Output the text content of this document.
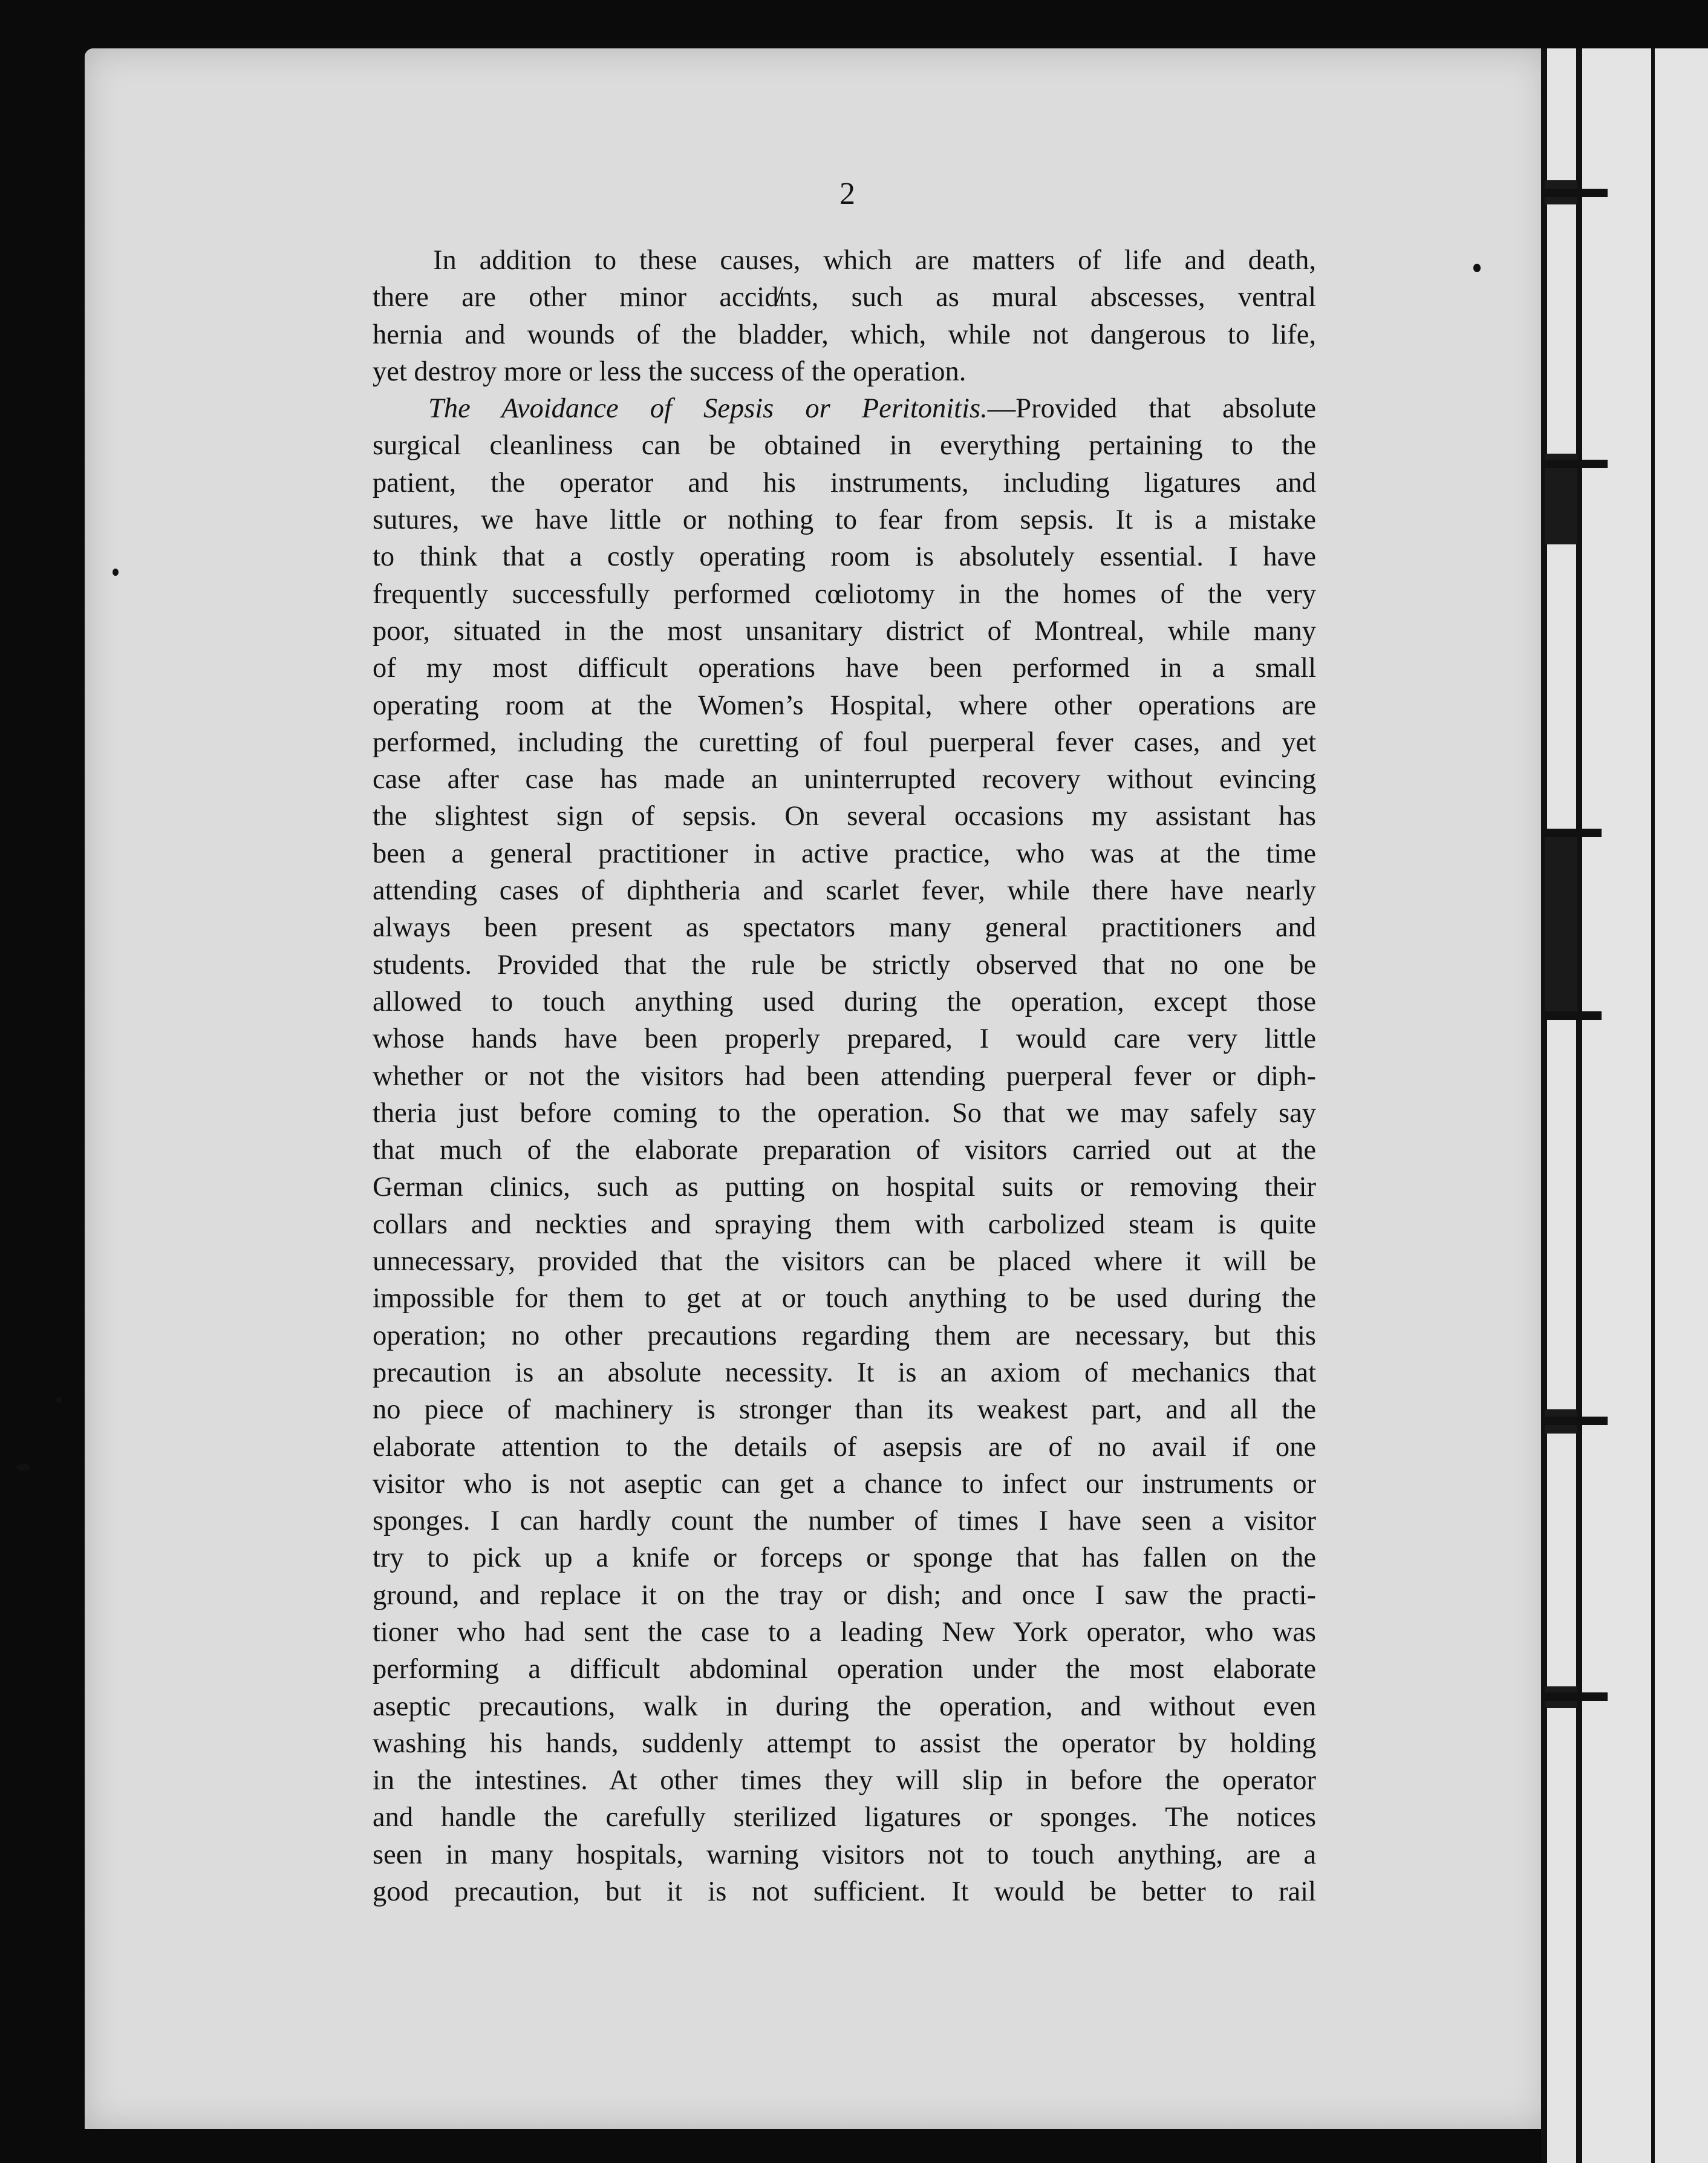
2
In addition to these causes, which are matters of life and death,
there are other minor accid̸nts, such as mural abscesses, ventral
hernia and wounds of the bladder, which, while not dangerous to life,
yet destroy more or less the success of the operation.
The Avoidance of Sepsis or Peritonitis.—Provided that absolute
surgical cleanliness can be obtained in everything pertaining to the
patient, the operator and his instruments, including ligatures and
sutures, we have little or nothing to fear from sepsis. It is a mistake
to think that a costly operating room is absolutely essential. I have
frequently successfully performed cœliotomy in the homes of the very
poor, situated in the most unsanitary district of Montreal, while many
of my most difficult operations have been performed in a small
operating room at the Women’s Hospital, where other operations are
performed, including the curetting of foul puerperal fever cases, and yet
case after case has made an uninterrupted recovery without evincing
the slightest sign of sepsis. On several occasions my assistant has
been a general practitioner in active practice, who was at the time
attending cases of diphtheria and scarlet fever, while there have nearly
always been present as spectators many general practitioners and
students. Provided that the rule be strictly observed that no one be
allowed to touch anything used during the operation, except those
whose hands have been properly prepared, I would care very little
whether or not the visitors had been attending puerperal fever or diph-
theria just before coming to the operation. So that we may safely say
that much of the elaborate preparation of visitors carried out at the
German clinics, such as putting on hospital suits or removing their
collars and neckties and spraying them with carbolized steam is quite
unnecessary, provided that the visitors can be placed where it will be
impossible for them to get at or touch anything to be used during the
operation; no other precautions regarding them are necessary, but this
precaution is an absolute necessity. It is an axiom of mechanics that
no piece of machinery is stronger than its weakest part, and all the
elaborate attention to the details of asepsis are of no avail if one
visitor who is not aseptic can get a chance to infect our instruments or
sponges. I can hardly count the number of times I have seen a visitor
try to pick up a knife or forceps or sponge that has fallen on the
ground, and replace it on the tray or dish; and once I saw the practi-
tioner who had sent the case to a leading New York operator, who was
performing a difficult abdominal operation under the most elaborate
aseptic precautions, walk in during the operation, and without even
washing his hands, suddenly attempt to assist the operator by holding
in the intestines. At other times they will slip in before the operator
and handle the carefully sterilized ligatures or sponges. The notices
seen in many hospitals, warning visitors not to touch anything, are a
good precaution, but it is not sufficient. It would be better to rail
